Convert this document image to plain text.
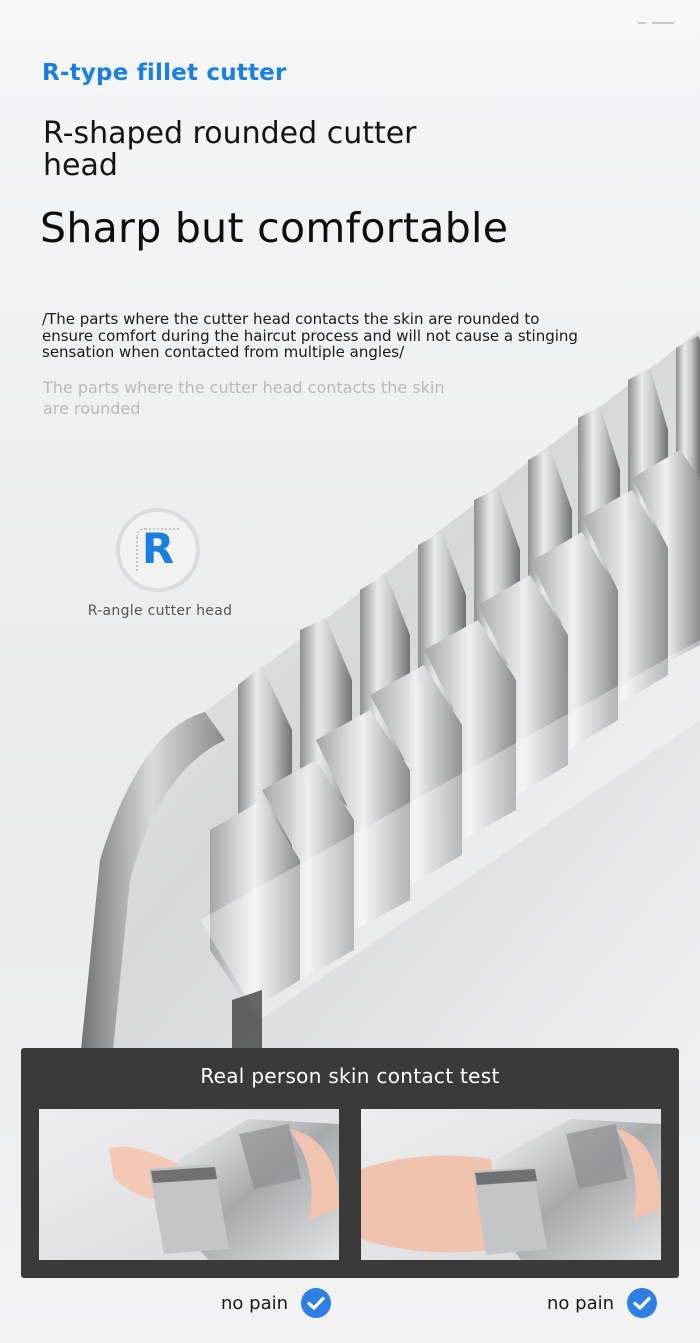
R-type fillet cutter
R-shaped rounded cutter head
Sharp but comfortable
/The parts where the cutter head contacts the skin are rounded to ensure comfort during the haircut process and will not cause a stinging sensation when contacted from multiple angles/
The parts where the cutter head contacts the skin are rounded
R
R-angle cutter head
Real person skin contact test
no pain	no pain
